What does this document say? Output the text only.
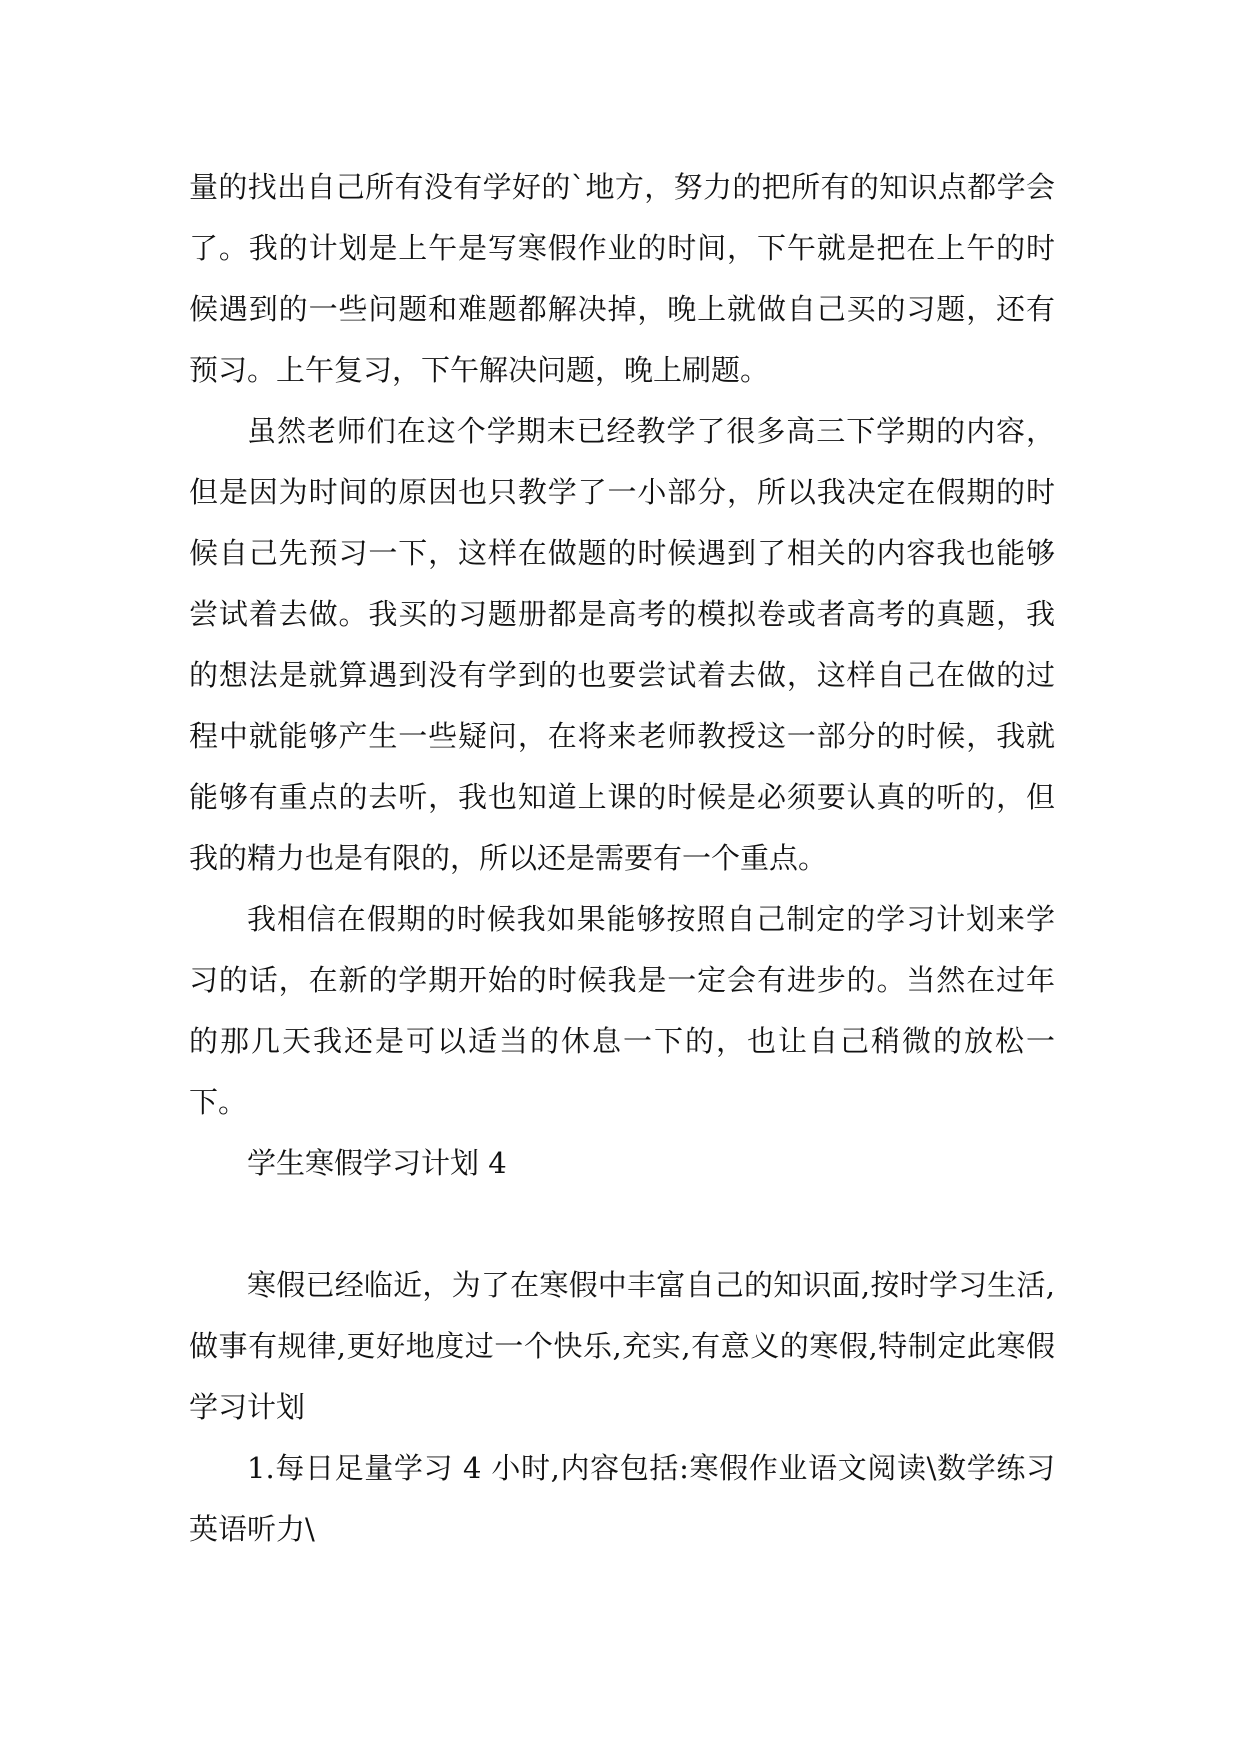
量的找出自己所有没有学好的`地方，努力的把所有的知识点都学会了。我的计划是上午是写寒假作业的时间，下午就是把在上午的时候遇到的一些问题和难题都解决掉，晚上就做自己买的习题，还有预习。上午复习，下午解决问题，晚上刷题。

虽然老师们在这个学期末已经教学了很多高三下学期的内容，但是因为时间的原因也只教学了一小部分，所以我决定在假期的时候自己先预习一下，这样在做题的时候遇到了相关的内容我也能够尝试着去做。我买的习题册都是高考的模拟卷或者高考的真题，我的想法是就算遇到没有学到的也要尝试着去做，这样自己在做的过程中就能够产生一些疑问，在将来老师教授这一部分的时候，我就能够有重点的去听，我也知道上课的时候是必须要认真的听的，但我的精力也是有限的，所以还是需要有一个重点。

我相信在假期的时候我如果能够按照自己制定的学习计划来学习的话，在新的学期开始的时候我是一定会有进步的。当然在过年的那几天我还是可以适当的休息一下的，也让自己稍微的放松一下。

学生寒假学习计划 4

寒假已经临近，为了在寒假中丰富自己的知识面,按时学习生活,做事有规律,更好地度过一个快乐,充实,有意义的寒假,特制定此寒假学习计划

1.每日足量学习 4 小时,内容包括:寒假作业语文阅读\数学练习英语听力\
